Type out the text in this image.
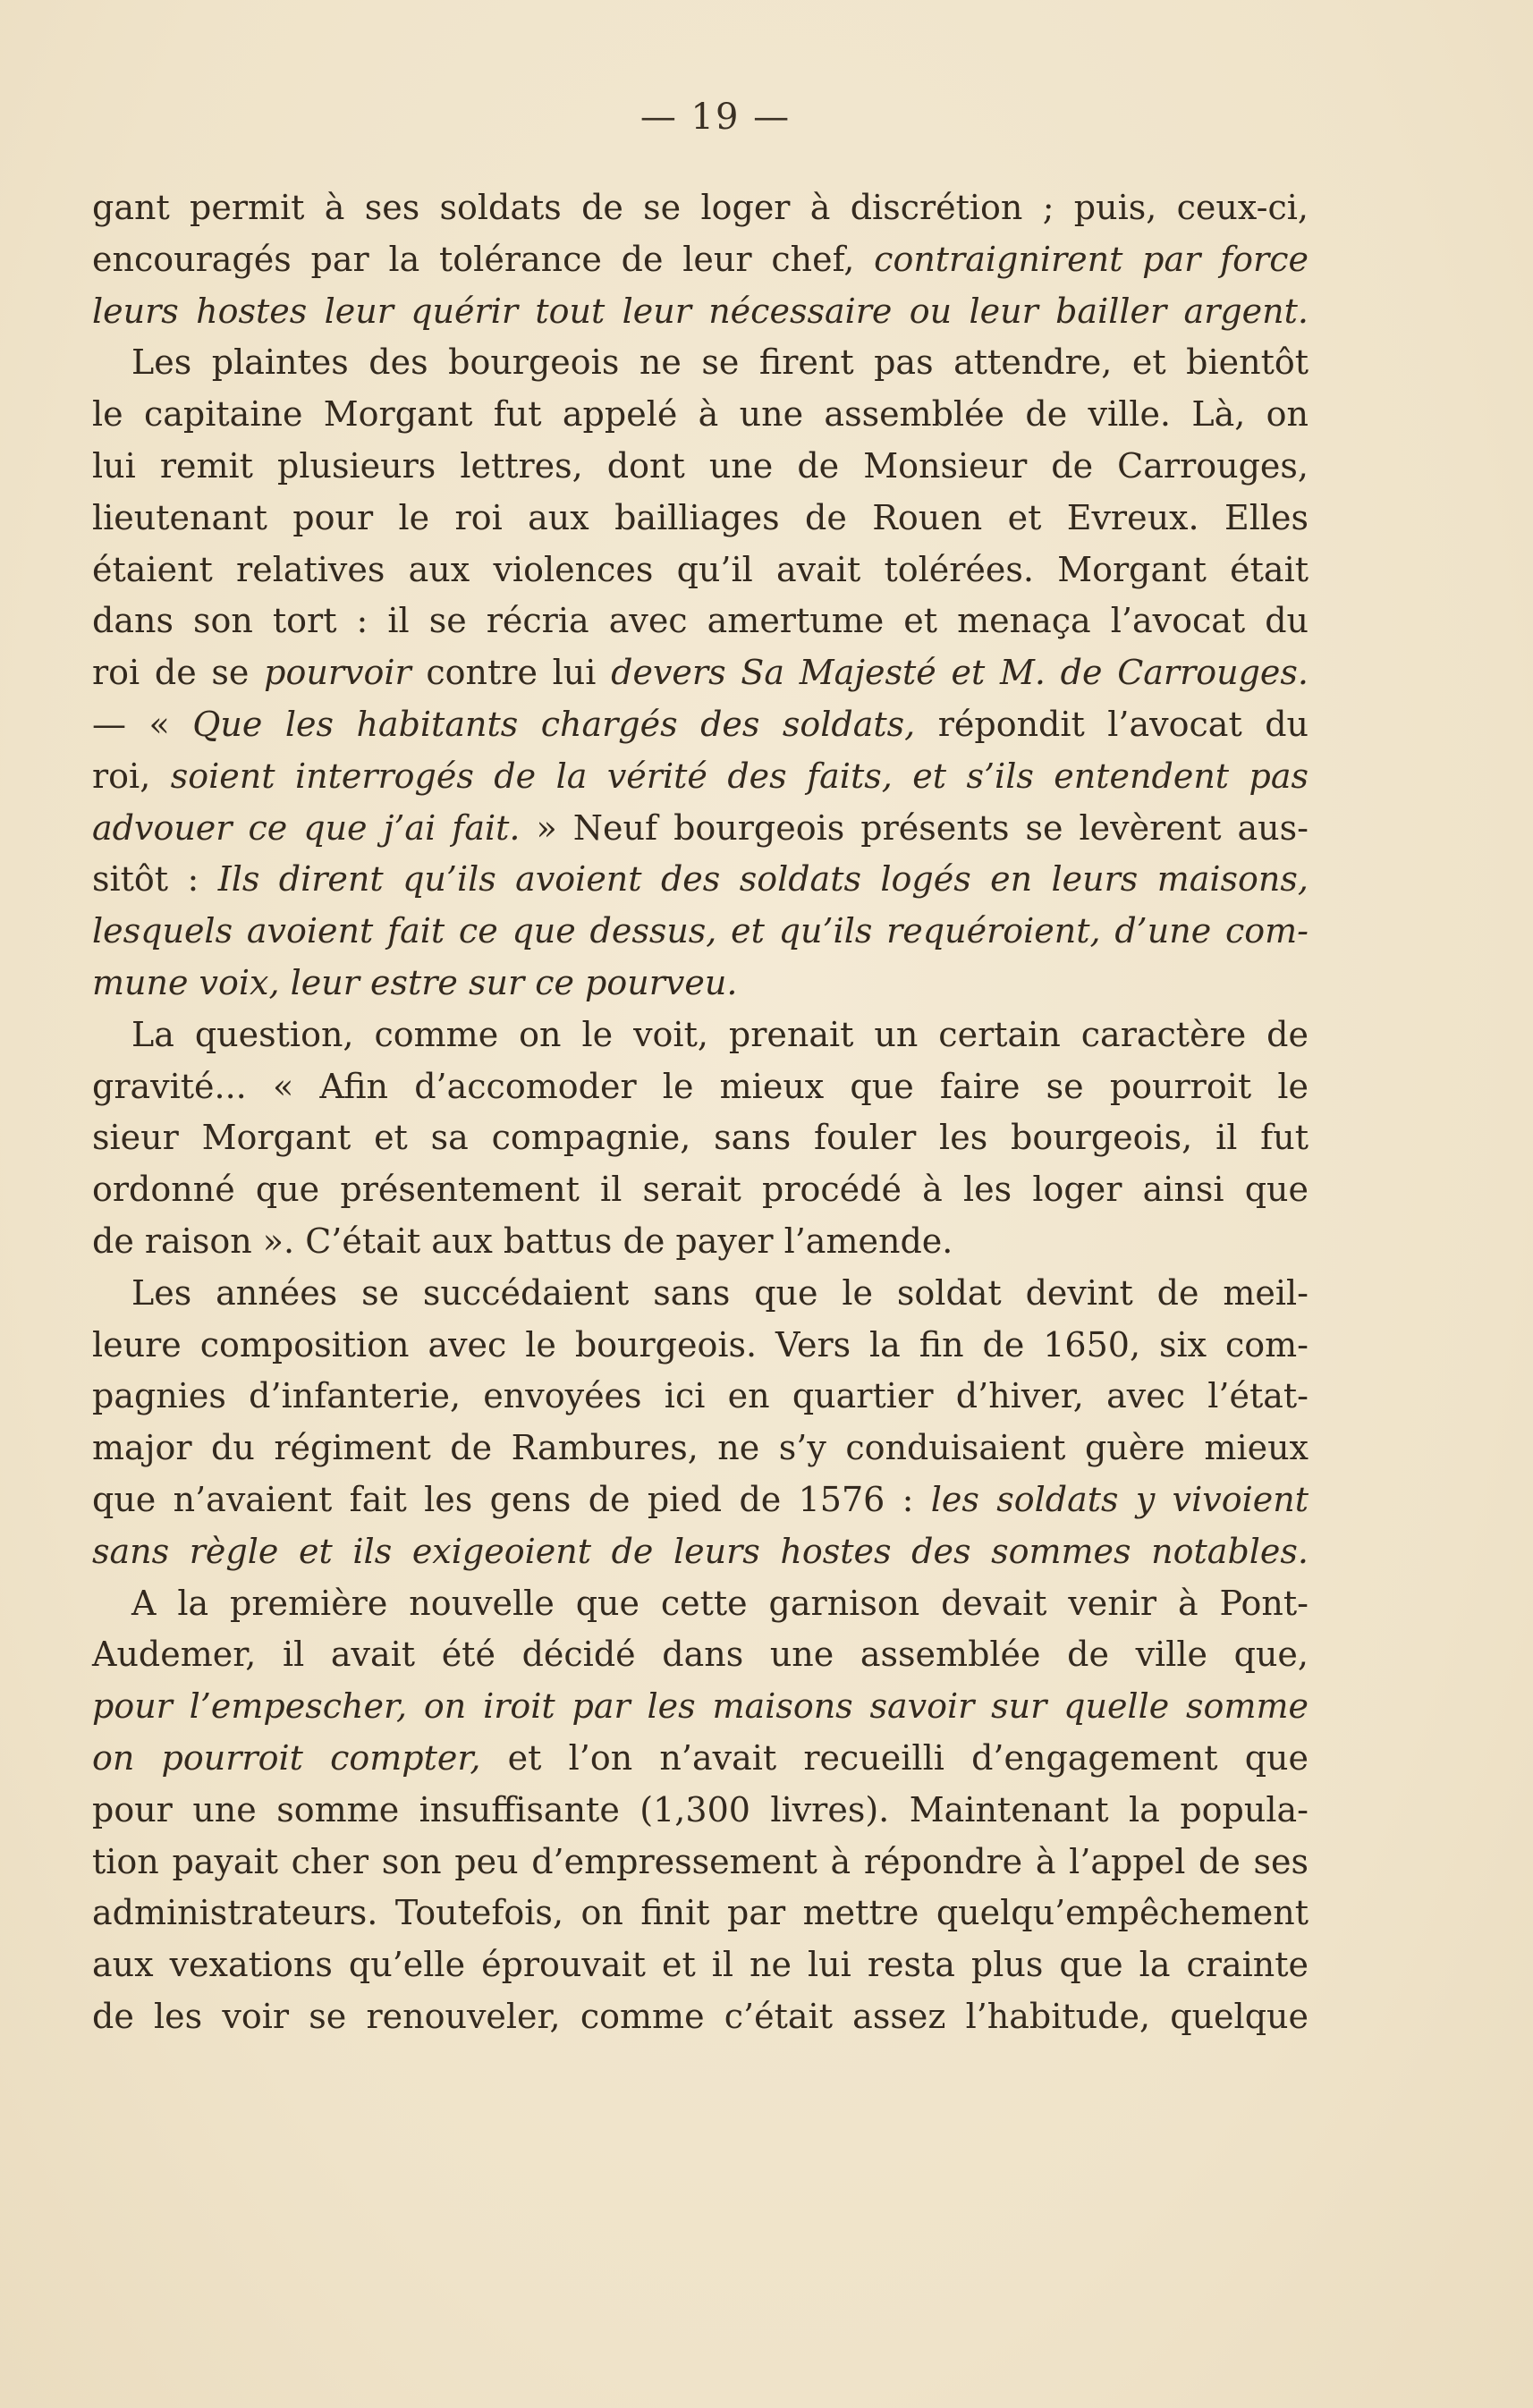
— 19 —
gant permit à ses soldats de se loger à discrétion ; puis, ceux-ci,
encouragés par la tolérance de leur chef, contraignirent par force
leurs hostes leur quérir tout leur nécessaire ou leur bailler argent.
Les plaintes des bourgeois ne se firent pas attendre, et bientôt
le capitaine Morgant fut appelé à une assemblée de ville. Là, on
lui remit plusieurs lettres, dont une de Monsieur de Carrouges,
lieutenant pour le roi aux bailliages de Rouen et Evreux. Elles
étaient relatives aux violences qu’il avait tolérées. Morgant était
dans son tort : il se récria avec amertume et menaça l’avocat du
roi de se pourvoir contre lui devers Sa Majesté et M. de Carrouges.
— « Que les habitants chargés des soldats, répondit l’avocat du
roi, soient interrogés de la vérité des faits, et s’ils entendent pas
advouer ce que j’ai fait. » Neuf bourgeois présents se levèrent aus-
sitôt : Ils dirent qu’ils avoient des soldats logés en leurs maisons,
lesquels avoient fait ce que dessus, et qu’ils requéroient, d’une com-
mune voix, leur estre sur ce pourveu.
La question, comme on le voit, prenait un certain caractère de
gravité... « Afin d’accomoder le mieux que faire se pourroit le
sieur Morgant et sa compagnie, sans fouler les bourgeois, il fut
ordonné que présentement il serait procédé à les loger ainsi que
de raison ». C’était aux battus de payer l’amende.
Les années se succédaient sans que le soldat devint de meil-
leure composition avec le bourgeois. Vers la fin de 1650, six com-
pagnies d’infanterie, envoyées ici en quartier d’hiver, avec l’état-
major du régiment de Rambures, ne s’y conduisaient guère mieux
que n’avaient fait les gens de pied de 1576 : les soldats y vivoient
sans règle et ils exigeoient de leurs hostes des sommes notables.
A la première nouvelle que cette garnison devait venir à Pont-
Audemer, il avait été décidé dans une assemblée de ville que,
pour l’empescher, on iroit par les maisons savoir sur quelle somme
on pourroit compter, et l’on n’avait recueilli d’engagement que
pour une somme insuffisante (1,300 livres). Maintenant la popula-
tion payait cher son peu d’empressement à répondre à l’appel de ses
administrateurs. Toutefois, on finit par mettre quelqu’empêchement
aux vexations qu’elle éprouvait et il ne lui resta plus que la crainte
de les voir se renouveler, comme c’était assez l’habitude, quelque
